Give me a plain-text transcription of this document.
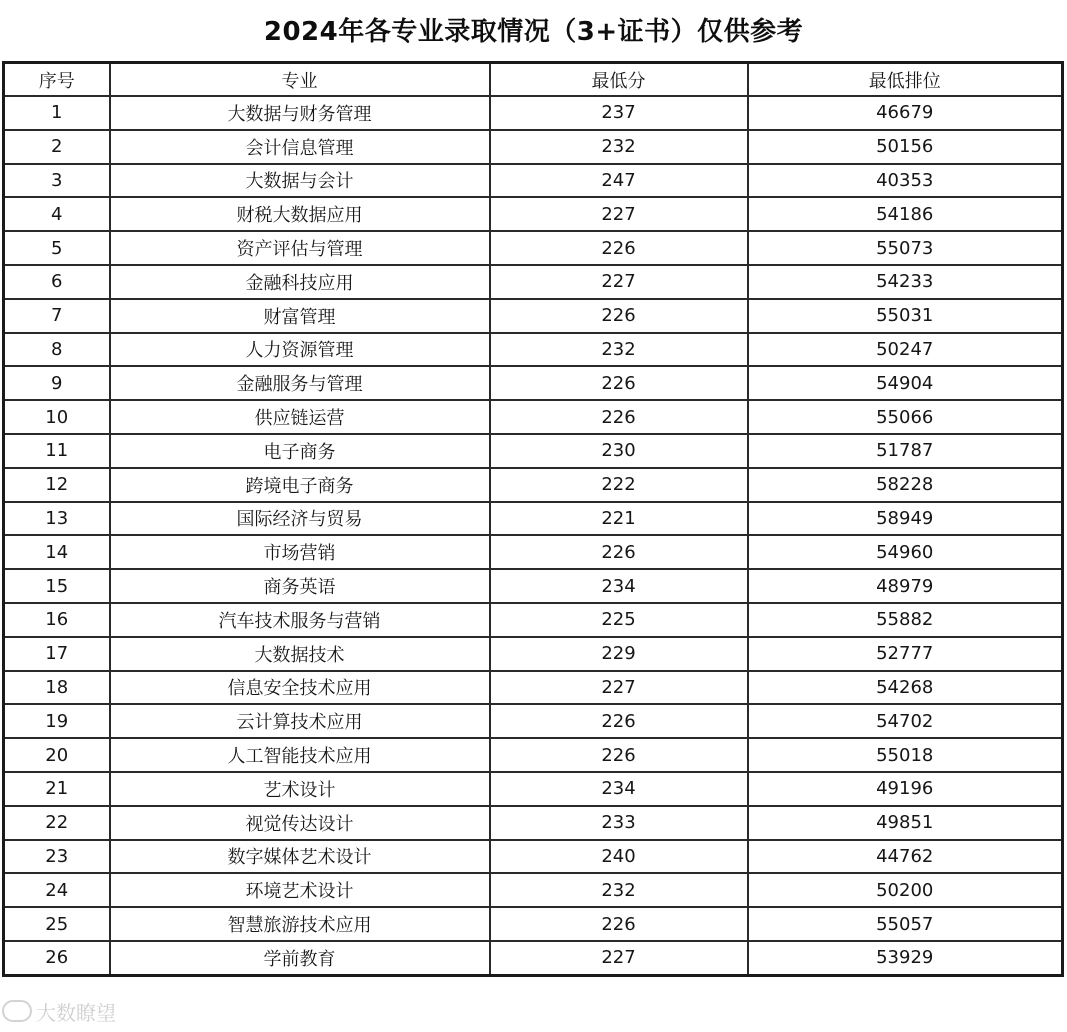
2024年各专业录取情况（3+证书）仅供参考
序号	专业	最低分	最低排位
1	大数据与财务管理	237	46679
2	会计信息管理	232	50156
3	大数据与会计	247	40353
4	财税大数据应用	227	54186
5	资产评估与管理	226	55073
6	金融科技应用	227	54233
7	财富管理	226	55031
8	人力资源管理	232	50247
9	金融服务与管理	226	54904
10	供应链运营	226	55066
11	电子商务	230	51787
12	跨境电子商务	222	58228
13	国际经济与贸易	221	58949
14	市场营销	226	54960
15	商务英语	234	48979
16	汽车技术服务与营销	225	55882
17	大数据技术	229	52777
18	信息安全技术应用	227	54268
19	云计算技术应用	226	54702
20	人工智能技术应用	226	55018
21	艺术设计	234	49196
22	视觉传达设计	233	49851
23	数字媒体艺术设计	240	44762
24	环境艺术设计	232	50200
25	智慧旅游技术应用	226	55057
26	学前教育	227	53929
大数瞭望
